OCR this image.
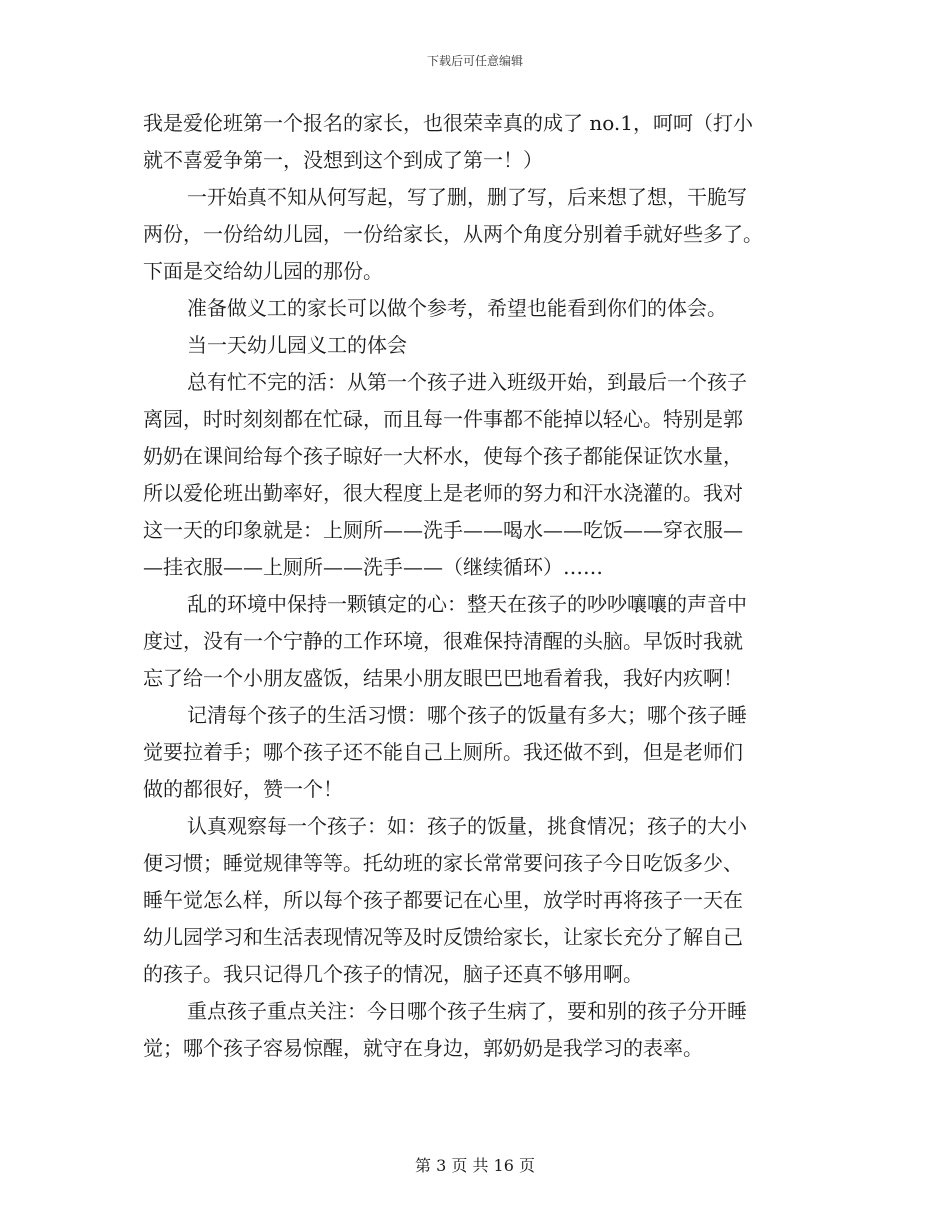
下载后可任意编辑
我是爱伦班第一个报名的家长，也很荣幸真的成了 no.1，呵呵（打小
就不喜爱争第一，没想到这个到成了第一！）
一开始真不知从何写起，写了删，删了写，后来想了想，干脆写
两份，一份给幼儿园，一份给家长，从两个角度分别着手就好些多了。
下面是交给幼儿园的那份。
准备做义工的家长可以做个参考，希望也能看到你们的体会。
当一天幼儿园义工的体会
总有忙不完的活：从第一个孩子进入班级开始，到最后一个孩子
离园，时时刻刻都在忙碌，而且每一件事都不能掉以轻心。特别是郭
奶奶在课间给每个孩子晾好一大杯水，使每个孩子都能保证饮水量，
所以爱伦班出勤率好，很大程度上是老师的努力和汗水浇灌的。我对
这一天的印象就是：上厕所——洗手——喝水——吃饭——穿衣服—
—挂衣服——上厕所——洗手——（继续循环）……
乱的环境中保持一颗镇定的心：整天在孩子的吵吵嚷嚷的声音中
度过，没有一个宁静的工作环境，很难保持清醒的头脑。早饭时我就
忘了给一个小朋友盛饭，结果小朋友眼巴巴地看着我，我好内疚啊！
记清每个孩子的生活习惯：哪个孩子的饭量有多大；哪个孩子睡
觉要拉着手；哪个孩子还不能自己上厕所。我还做不到，但是老师们
做的都很好，赞一个！
认真观察每一个孩子：如：孩子的饭量，挑食情况；孩子的大小
便习惯；睡觉规律等等。托幼班的家长常常要问孩子今日吃饭多少、
睡午觉怎么样，所以每个孩子都要记在心里，放学时再将孩子一天在
幼儿园学习和生活表现情况等及时反馈给家长，让家长充分了解自己
的孩子。我只记得几个孩子的情况，脑子还真不够用啊。
重点孩子重点关注：今日哪个孩子生病了，要和别的孩子分开睡
觉；哪个孩子容易惊醒，就守在身边，郭奶奶是我学习的表率。
第 3 页 共 16 页
